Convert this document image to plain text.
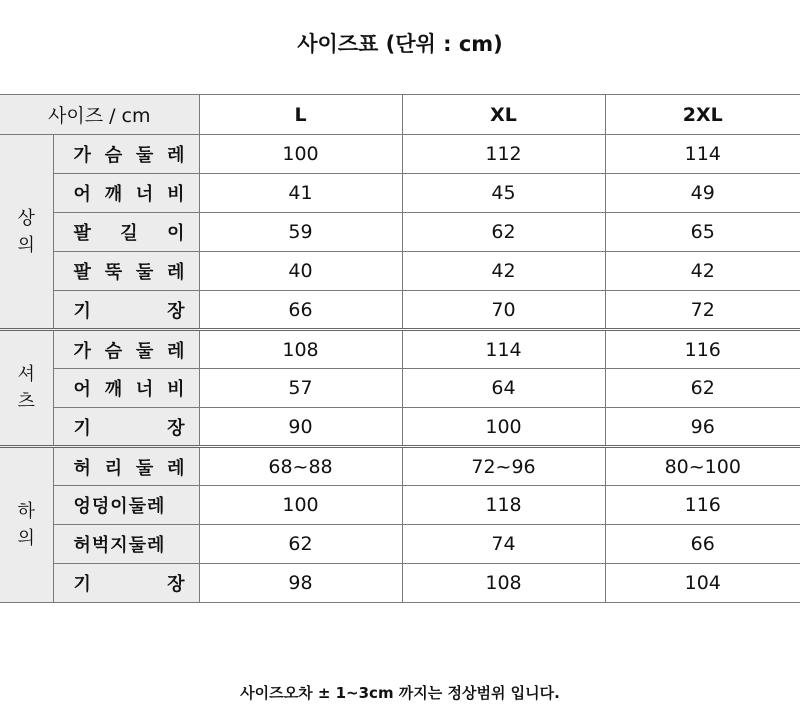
사이즈표 (단위 : cm)
사이즈 / cm		L	XL	2XL
상
의	가 슴 둘 레	100	112	114

	어 깨 너 비	41	45	49

	팔 길 이	59	62	65

	팔 뚝 둘 레	40	42	42

	기 장	66	70	72
셔
츠	가 슴 둘 레	108	114	116

	어 깨 너 비	57	64	62

	기 장	90	100	96
하
의	허 리 둘 레	68~88	72~96	80~100

	엉덩이둘레	100	118	116

	허벅지둘레	62	74	66

	기 장	98	108	104
사이즈오차 ± 1~3cm 까지는 정상범위 입니다.
